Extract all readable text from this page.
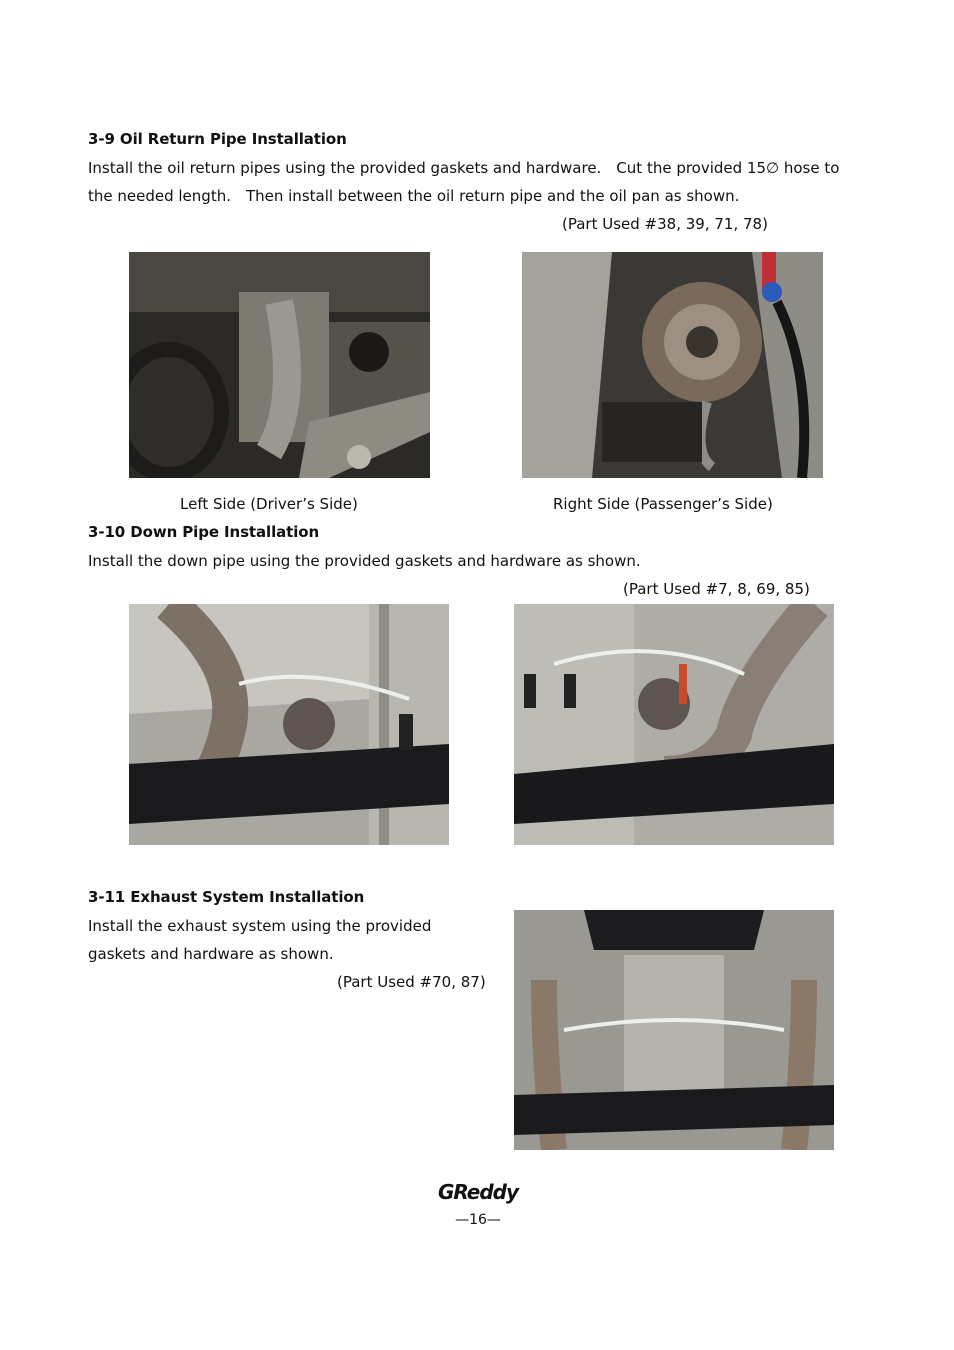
3-9 Oil Return Pipe Installation
Install the oil return pipes using the provided gaskets and hardware.　Cut the provided 15∅ hose to
the needed length.　Then install between the oil return pipe and the oil pan as shown.
(Part Used #38, 39, 71, 78)
Left Side (Driver’s Side)	Right Side (Passenger’s Side)
3-10 Down Pipe Installation
Install the down pipe using the provided gaskets and hardware as shown.
(Part Used #7, 8, 69, 85)
3-11 Exhaust System Installation
Install the exhaust system using the provided
gaskets and hardware as shown.
(Part Used #70, 87)
GReddy
—16—
